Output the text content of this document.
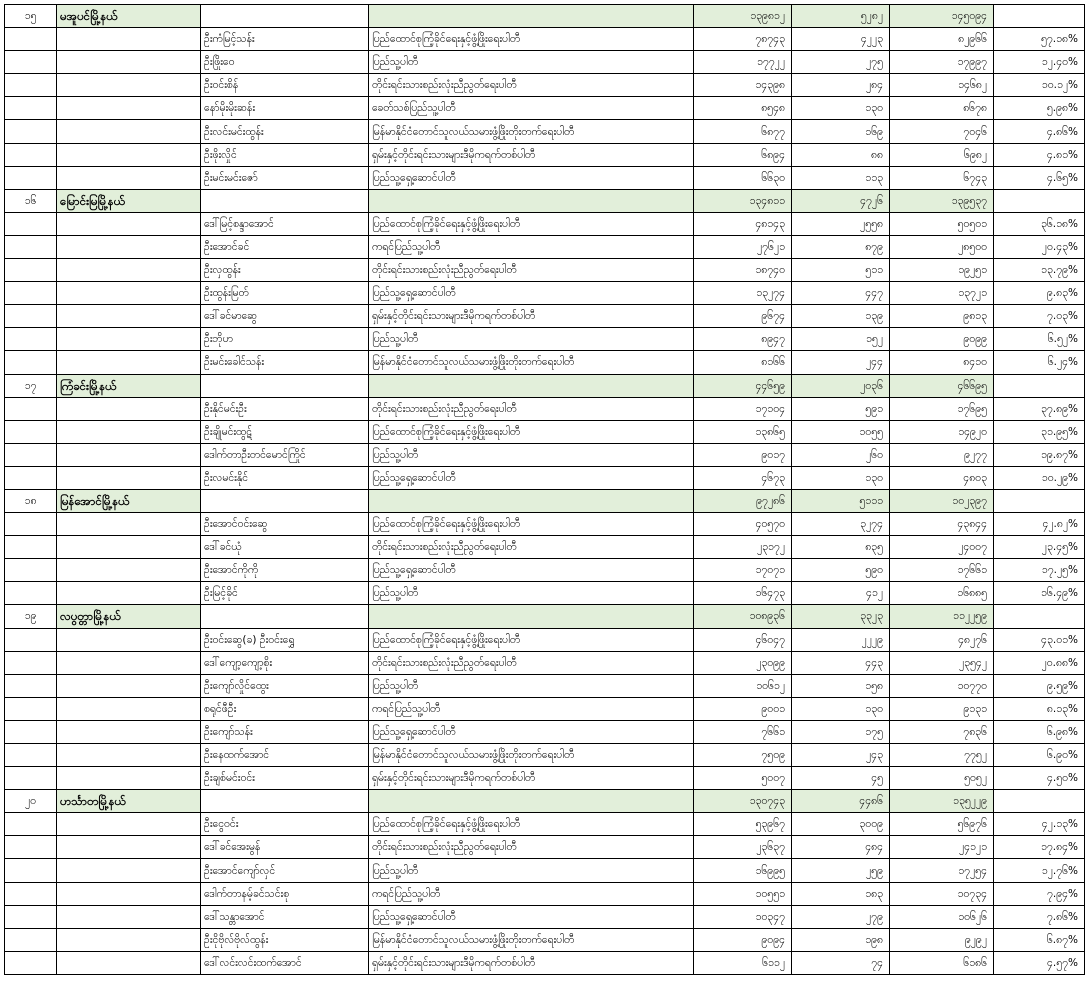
၁၅	မအူပင်မြို့နယ်			၁၃၉၈၁၂	၅၂၈၂	၁၄၅၀၉၄	
		ဦးကံမြင့်သန်း	ပြည်ထောင်စုကြံ့ခိုင်ရေးနှင့်ဖွံ့ဖြိုးရေးပါတီ	၇၈၇၄၃	၄၂၂၃	၈၂၉၆၆	၅၇.၁၈%
		ဦးဖြိုးဝေ	ပြည်သူ့ပါတီ	၁၇၇၂၂	၂၇၅	၁၇၉၉၇	၁၂.၄၀%
		ဦးဝင်းစိန်	တိုင်းရင်းသားစည်းလုံးညီညွတ်ရေးပါတီ	၁၄၃၉၈	၂၈၄	၁၄၆၈၂	၁၀.၁၂%
		နော်မိုးမိုးဆန်း	ခေတ်သစ်ပြည်သူ့ပါတီ	၈၅၄၈	၁၃၀	၈၆၇၈	၅.၉၈%
		ဦးလင်းမင်းထွန်း	မြန်မာနိုင်ငံတောင်သူလယ်သမားဖွံ့ဖြိုးတိုးတက်ရေးပါတီ	၆၈၇၇	၁၆၉	၇၀၄၆	၄.၈၆%
		ဦးဖိုးလှိုင်	ရှမ်းနှင့်တိုင်းရင်းသားများဒီမိုကရက်တစ်ပါတီ	၆၈၉၄	၈၈	၆၉၈၂	၄.၈၁%
		ဦးမင်းမင်းဇော်	ပြည်သူ့ရှေ့ဆောင်ပါတီ	၆၆၃၀	၁၁၃	၆၇၄၃	၄.၆၅%
၁၆	မြောင်းမြမြို့နယ်			၁၃၄၈၁၁	၄၇၂၆	၁၃၉၅၃၇	
		ဒေါ်မြင့်စန္ဒာအောင်	ပြည်ထောင်စုကြံ့ခိုင်ရေးနှင့်ဖွံ့ဖြိုးရေးပါတီ	၄၈၁၄၃	၂၅၅၈	၅၀၅၀၁	၃၆.၁၈%
		ဦးအောင်ခင်	ကရင်ပြည်သူ့ပါတီ	၂၇၆၂၁	၈၇၉	၂၈၅၀၀	၂၀.၄၃%
		ဦးလှထွန်း	တိုင်းရင်းသားစည်းလုံးညီညွတ်ရေးပါတီ	၁၈၇၄၀	၅၁၁	၁၉၂၅၁	၁၃.၇၉%
		ဦးထွန်းမြတ်	ပြည်သူ့ရှေ့ဆောင်ပါတီ	၁၃၂၇၄	၄၄၇	၁၃၇၂၁	၉.၈၃%
		ဒေါ်ခင်မာဆွေ	ရှမ်းနှင့်တိုင်းရင်းသားများဒီမိုကရက်တစ်ပါတီ	၉၆၇၄	၁၃၉	၉၈၁၃	၇.၀၃%
		ဦးဘိုဟ	ပြည်သူ့ပါတီ	၈၉၄၇	၁၅၂	၉၀၉၉	၆.၅၂%
		ဦးမင်းခေါင်သန်း	မြန်မာနိုင်ငံတောင်သူလယ်သမားဖွံ့ဖြိုးတိုးတက်ရေးပါတီ	၈၁၆၆	၂၄၄	၈၄၁၀	၆.၂၄%
၁၇	ကြံခင်းမြို့နယ်			၄၄၆၅၉	၂၀၃၆	၄၆၆၉၅	
		ဦးနိုင်မင်းဦး	တိုင်းရင်းသားစည်းလုံးညီညွတ်ရေးပါတီ	၁၇၁၀၄	၅၉၁	၁၇၆၉၅	၃၇.၈၉%
		ဦးချိုမင်းထွဋ်	ပြည်ထောင်စုကြံ့ခိုင်ရေးနှင့်ဖွံ့ဖြိုးရေးပါတီ	၁၃၈၆၅	၁၀၅၅	၁၄၉၂၀	၃၁.၉၅%
		ဒေါက်တာဦးတင်မောင်ကြိုင်	ပြည်သူ့ပါတီ	၉၀၁၇	၂၆၀	၉၂၇၇	၁၉.၈၇%
		ဦးလမင်းနိုင်	ပြည်သူ့ရှေ့ဆောင်ပါတီ	၄၆၇၃	၁၃၀	၄၈၀၃	၁၀.၂၉%
၁၈	မြန်အောင်မြို့နယ်			၉၇၂၈၆	၅၁၁၁	၁၀၂၃၉၇	
		ဦးအောင်ဝင်းဆွေ	ပြည်ထောင်စုကြံ့ခိုင်ရေးနှင့်ဖွံ့ဖြိုးရေးပါတီ	၄၀၅၇၀	၃၂၇၄	၄၃၈၄၄	၄၂.၈၂%
		ဒေါ်ခင်ယုံ	တိုင်းရင်းသားစည်းလုံးညီညွတ်ရေးပါတီ	၂၃၁၇၂	၈၃၅	၂၄၀၀၇	၂၃.၄၅%
		ဦးအောင်ကိုကို	ပြည်သူ့ရှေ့ဆောင်ပါတီ	၁၇၀၇၁	၅၉၀	၁၇၆၆၁	၁၇.၂၅%
		ဦးမြင့်ခိုင်	ပြည်သူ့ပါတီ	၁၆၄၇၃	၄၁၂	၁၆၈၈၅	၁၆.၄၉%
၁၉	လပွတ္တာမြို့နယ်			၁၀၈၉၃၆	၃၃၂၃	၁၁၂၂၅၉	
		ဦးဝင်းဆွေ(ခ) ဦးဝင်းရွှေ	ပြည်ထောင်စုကြံ့ခိုင်ရေးနှင့်ဖွံ့ဖြိုးရေးပါတီ	၄၆၀၄၇	၂၂၂၉	၄၈၂၇၆	၄၃.၀၁%
		ဒေါ်ကျော့ကျော့စိုး	တိုင်းရင်းသားစည်းလုံးညီညွတ်ရေးပါတီ	၂၃၀၉၉	၄၄၃	၂၃၅၄၂	၂၀.၈၈%
		ဦးကျော်လှိုင်ထွေး	ပြည်သူ့ပါတီ	၁၀၆၁၂	၁၅၈	၁၀၇၇၀	၉.၅၉%
		စရုင်ဖီဦး	ကရင်ပြည်သူ့ပါတီ	၉၀၀၁	၁၃၀	၉၁၃၁	၈.၁၃%
		ဦးကျော်သန်း	ပြည်သူ့ရှေ့ဆောင်ပါတီ	၇၆၆၁	၁၇၅	၇၈၃၆	၆.၉၈%
		ဦးနေထက်အောင်	မြန်မာနိုင်ငံတောင်သူလယ်သမားဖွံ့ဖြိုးတိုးတက်ရေးပါတီ	၇၅၀၉	၂၄၃	၇၇၅၂	၆.၉၀%
		ဦးချစ်မင်းဝင်း	ရှမ်းနှင့်တိုင်းရင်းသားများဒီမိုကရက်တစ်ပါတီ	၅၀၀၇	၄၅	၅၀၅၂	၄.၅၀%
၂၀	ဟင်္သာတမြို့နယ်			၁၃၀၇၄၃	၄၄၈၆	၁၃၅၂၂၉	
		ဦးငွေဝင်း	ပြည်ထောင်စုကြံ့ခိုင်ရေးနှင့်ဖွံ့ဖြိုးရေးပါတီ	၅၃၉၆၇	၃၀၀၉	၅၆၉၇၆	၄၂.၁၃%
		ဒေါ်ခင်အေးမွန်	တိုင်းရင်းသားစည်းလုံးညီညွတ်ရေးပါတီ	၂၃၆၃၇	၄၈၄	၂၄၁၂၁	၁၇.၈၄%
		ဦးအောင်ကျော်လှင်	ပြည်သူ့ပါတီ	၁၆၉၉၅	၂၅၉	၁၇၂၅၄	၁၂.၇၆%
		ဒေါက်တာနမ့်ခင်သင်းစု	ကရင်ပြည်သူ့ပါတီ	၁၀၅၅၁	၁၈၃	၁၀၇၃၄	၇.၉၄%
		ဒေါ်သန္တာအောင်	ပြည်သူ့ရှေ့ဆောင်ပါတီ	၁၀၃၄၇	၂၇၉	၁၀၆၂၆	၇.၈၆%
		ဦးငိုဗိုလ်ဗိုလ်ထွန်း	မြန်မာနိုင်ငံတောင်သူလယ်သမားဖွံ့ဖြိုးတိုးတက်ရေးပါတီ	၉၀၉၄	၁၉၈	၉၂၉၂	၆.၈၇%
		ဒေါ်လင်းလင်းထက်အောင်	ရှမ်းနှင့်တိုင်းရင်းသားများဒီမိုကရက်တစ်ပါတီ	၆၁၁၂	၇၄	၆၁၈၆	၄.၅၇%
